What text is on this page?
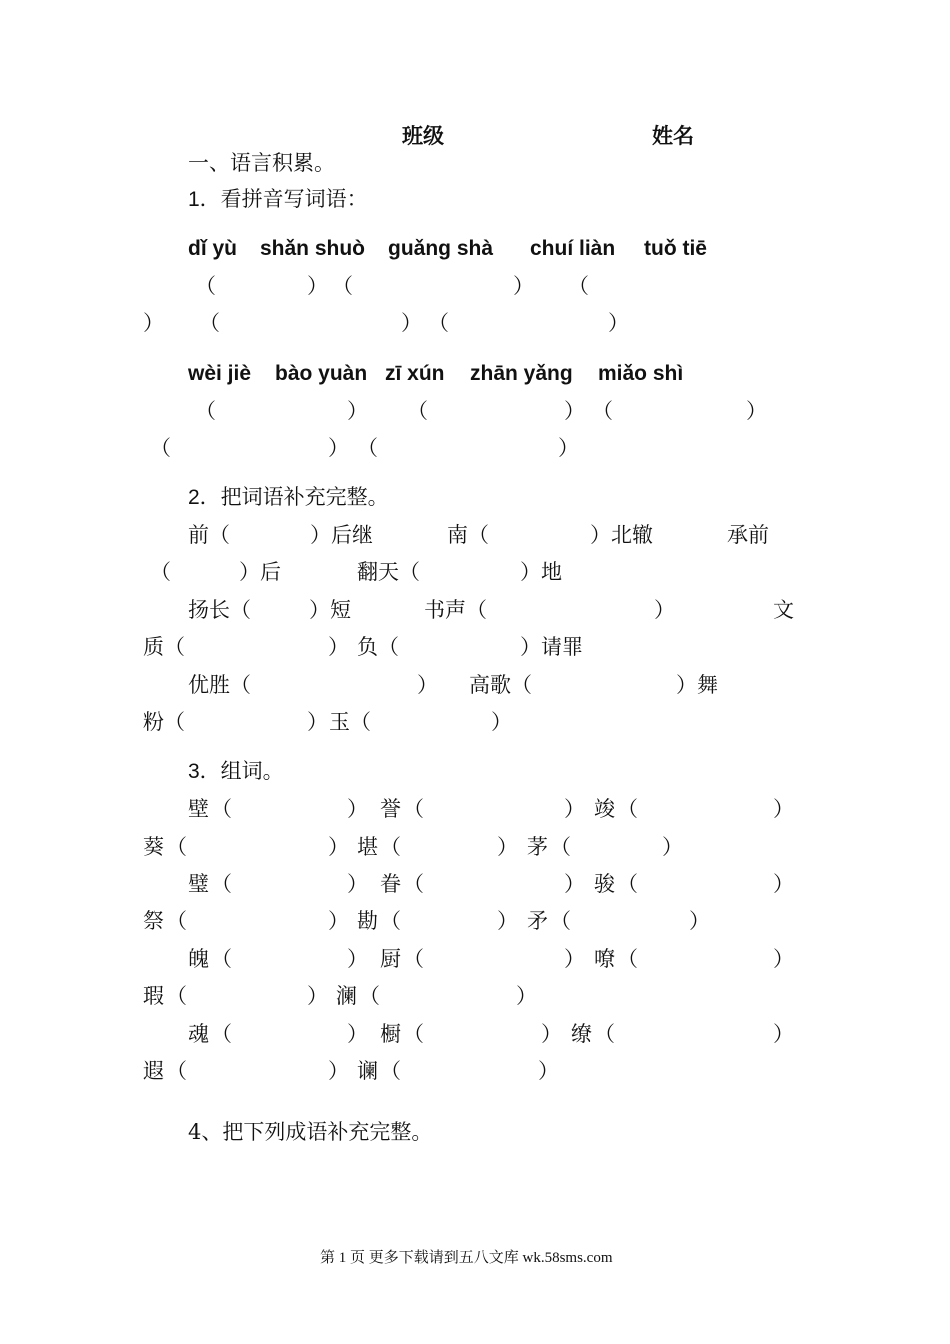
班级	姓名
一、语言积累。
1．看拼音写词语：
dǐ yù shǎn shuò guǎng shà chuí liàn tuǒ tiē
（	） （	） （
） （	） （	）
wèi jiè bào yuàn zī xún zhān yǎng miǎo shì
（	） （	） （	）
（	） （	）
2．把词语补充完整。
前（	）后继	南（	）北辙	承前
（	）后	翻天（	）地
扬长（	）短	书声（	）	文
质（	） 负（	）请罪
优胜（	） 高歌（	）舞
粉（	） 玉（	）
3．组词。
壁 （	） 誉 （	） 竣 （	）
葵 （	） 堪 （	） 茅 （	）
璧 （	） 眷 （	） 骏 （	）
祭 （	） 勘 （	） 矛 （	）
魄 （	） 厨 （	） 嘹 （	）
瑕 （	） 澜 （	）
魂 （	） 橱 （	） 缭 （	）
遐 （	） 谰 （	）
4、把下列成语补充完整。
第 1 页 更多下载请到五八文库 wk.58sms.com
